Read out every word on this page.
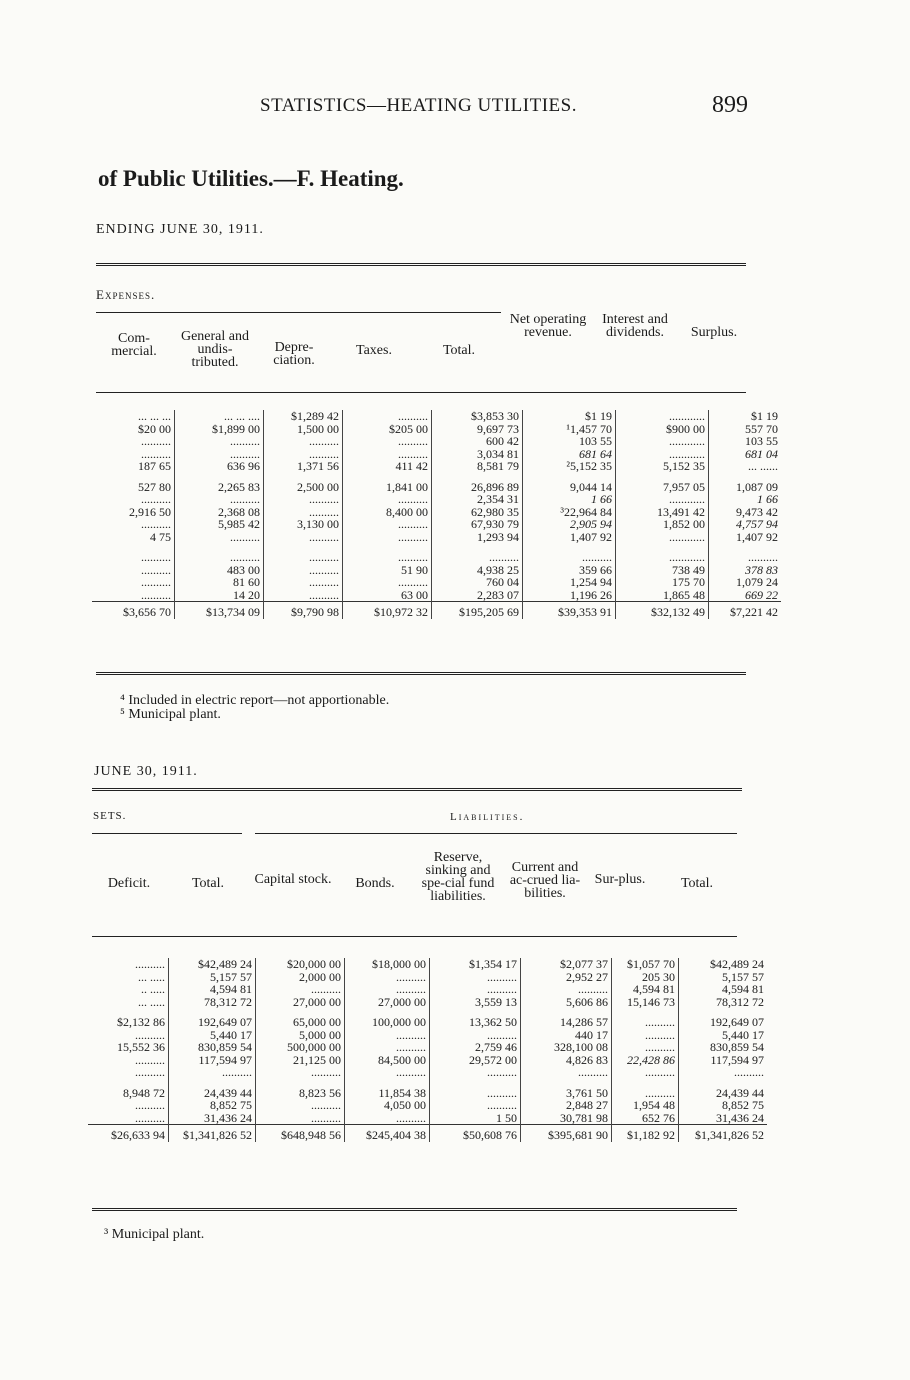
STATISTICS—HEATING UTILITIES.	899
of Public Utilities.—F. Heating.
ENDING JUNE 30, 1911.
Expenses.
Com-mercial.
General and undis-tributed.
Depre-ciation.
Taxes.	Total.
Net operating revenue.
Interest and dividends.	Surplus.
... ... ...	... ... ....	$1,289 42	..........	$3,853 30	$1 19	............	$1 19
$20 00	$1,899 00	1,500 00	$205 00	9,697 73	¹1,457 70	$900 00	557 70
..........	..........	..........	..........	600 42	103 55	............	103 55
..........	..........	..........	..........	3,034 81	681 64	............	681 04
187 65	636 96	1,371 56	411 42	8,581 79	²5,152 35	5,152 35	... ......
527 80	2,265 83	2,500 00	1,841 00	26,896 89	9,044 14	7,957 05	1,087 09
..........	..........	..........	..........	2,354 31	1 66	............	1 66
2,916 50	2,368 08	..........	8,400 00	62,980 35	³22,964 84	13,491 42	9,473 42
..........	5,985 42	3,130 00	..........	67,930 79	2,905 94	1,852 00	4,757 94
4 75	..........	..........	..........	1,293 94	1,407 92	............	1,407 92
..........	..........	..........	..........	..........	..........	............	..........
..........	483 00	..........	51 90	4,938 25	359 66	738 49	378 83
..........	81 60	..........	..........	760 04	1,254 94	175 70	1,079 24
..........	14 20	..........	63 00	2,283 07	1,196 26	1,865 48	669 22
$3,656 70	$13,734 09	$9,790 98	$10,972 32	$195,205 69	$39,353 91	$32,132 49	$7,221 42
⁴ Included in electric report—not apportionable.
⁵ Municipal plant.
JUNE 30, 1911.
SETS.	Liabilities.
Deficit.	Total.	Capital stock.	Bonds.
Reserve, sinking and spe-cial fund liabilities.
Current and ac-crued lia-bilities.
Sur-plus.	Total.
..........	$42,489 24	$20,000 00	$18,000 00	$1,354 17	$2,077 37	$1,057 70	$42,489 24
... .....	5,157 57	2,000 00	..........	..........	2,952 27	205 30	5,157 57
.. .....	4,594 81	..........	..........	..........	..........	4,594 81	4,594 81
... .....	78,312 72	27,000 00	27,000 00	3,559 13	5,606 86	15,146 73	78,312 72
$2,132 86	192,649 07	65,000 00	100,000 00	13,362 50	14,286 57	..........	192,649 07
..........	5,440 17	5,000 00	..........	..........	440 17	..........	5,440 17
15,552 36	830,859 54	500,000 00	..........	2,759 46	328,100 08	..........	830,859 54
..........	117,594 97	21,125 00	84,500 00	29,572 00	4,826 83	22,428 86	117,594 97
..........	..........	..........	..........	..........	..........	..........	..........
8,948 72	24,439 44	8,823 56	11,854 38	..........	3,761 50	..........	24,439 44
..........	8,852 75	..........	4,050 00	..........	2,848 27	1,954 48	8,852 75
..........	31,436 24	..........	..........	1 50	30,781 98	652 76	31,436 24
$26,633 94	$1,341,826 52	$648,948 56	$245,404 38	$50,608 76	$395,681 90	$1,182 92	$1,341,826 52
³ Municipal plant.
